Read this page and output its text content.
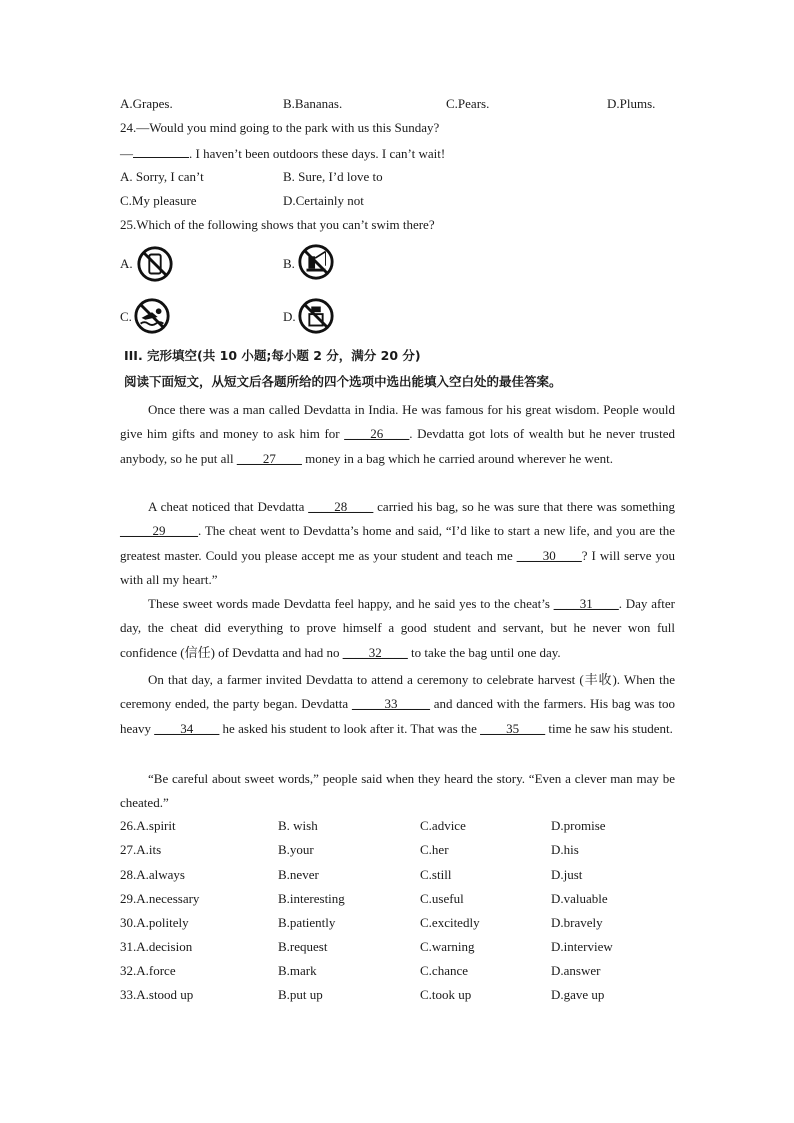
A.Grapes.	B.Bananas.	C.Pears.	D.Plums.
24.—Would you mind going to the park with us this Sunday?
—	. I haven’t been outdoors these days. I can’t wait!
A. Sorry, I can’t	B. Sure, I’d love to
C.My pleasure	D.Certainly not
25.Which of the following shows that you can’t swim there?
A.	B.
C.	D.
III. 完形填空(共 10 小题;每小题 2 分，满分 20 分)
阅读下面短文，从短文后各题所给的四个选项中选出能填入空白处的最佳答案。
Once there was a man called Devdatta in India. He was famous for his great wisdom. People would give him gifts and money to ask him for ____26____. Devdatta got lots of wealth but he never trusted anybody, so he put all ____27____ money in a bag which he carried around wherever he went.
A cheat noticed that Devdatta ____28____ carried his bag, so he was sure that there was something _____29_____. The cheat went to Devdatta’s home and said, “I’d like to start a new life, and you are the greatest master. Could you please accept me as your student and teach me ____30____? I will serve you with all my heart.”
These sweet words made Devdatta feel happy, and he said yes to the cheat’s ____31____. Day after day, the cheat did everything to prove himself a good student and servant, but he never won full confidence (信任) of Devdatta and had no ____32____ to take the bag until one day.
On that day, a farmer invited Devdatta to attend a ceremony to celebrate harvest (丰收). When the ceremony ended, the party began. Devdatta _____33_____ and danced with the farmers. His bag was too heavy ____34____ he asked his student to look after it. That was the ____35____ time he saw his student.
“Be careful about sweet words,” people said when they heard the story. “Even a clever man may be cheated.”
26.A.spirit	B. wish	C.advice	D.promise
27.A.its	B.your	C.her	D.his
28.A.always	B.never	C.still	D.just
29.A.necessary	B.interesting	C.useful	D.valuable
30.A.politely	B.patiently	C.excitedly	D.bravely
31.A.decision	B.request	C.warning	D.interview
32.A.force	B.mark	C.chance	D.answer
33.A.stood up	B.put up	C.took up	D.gave up
